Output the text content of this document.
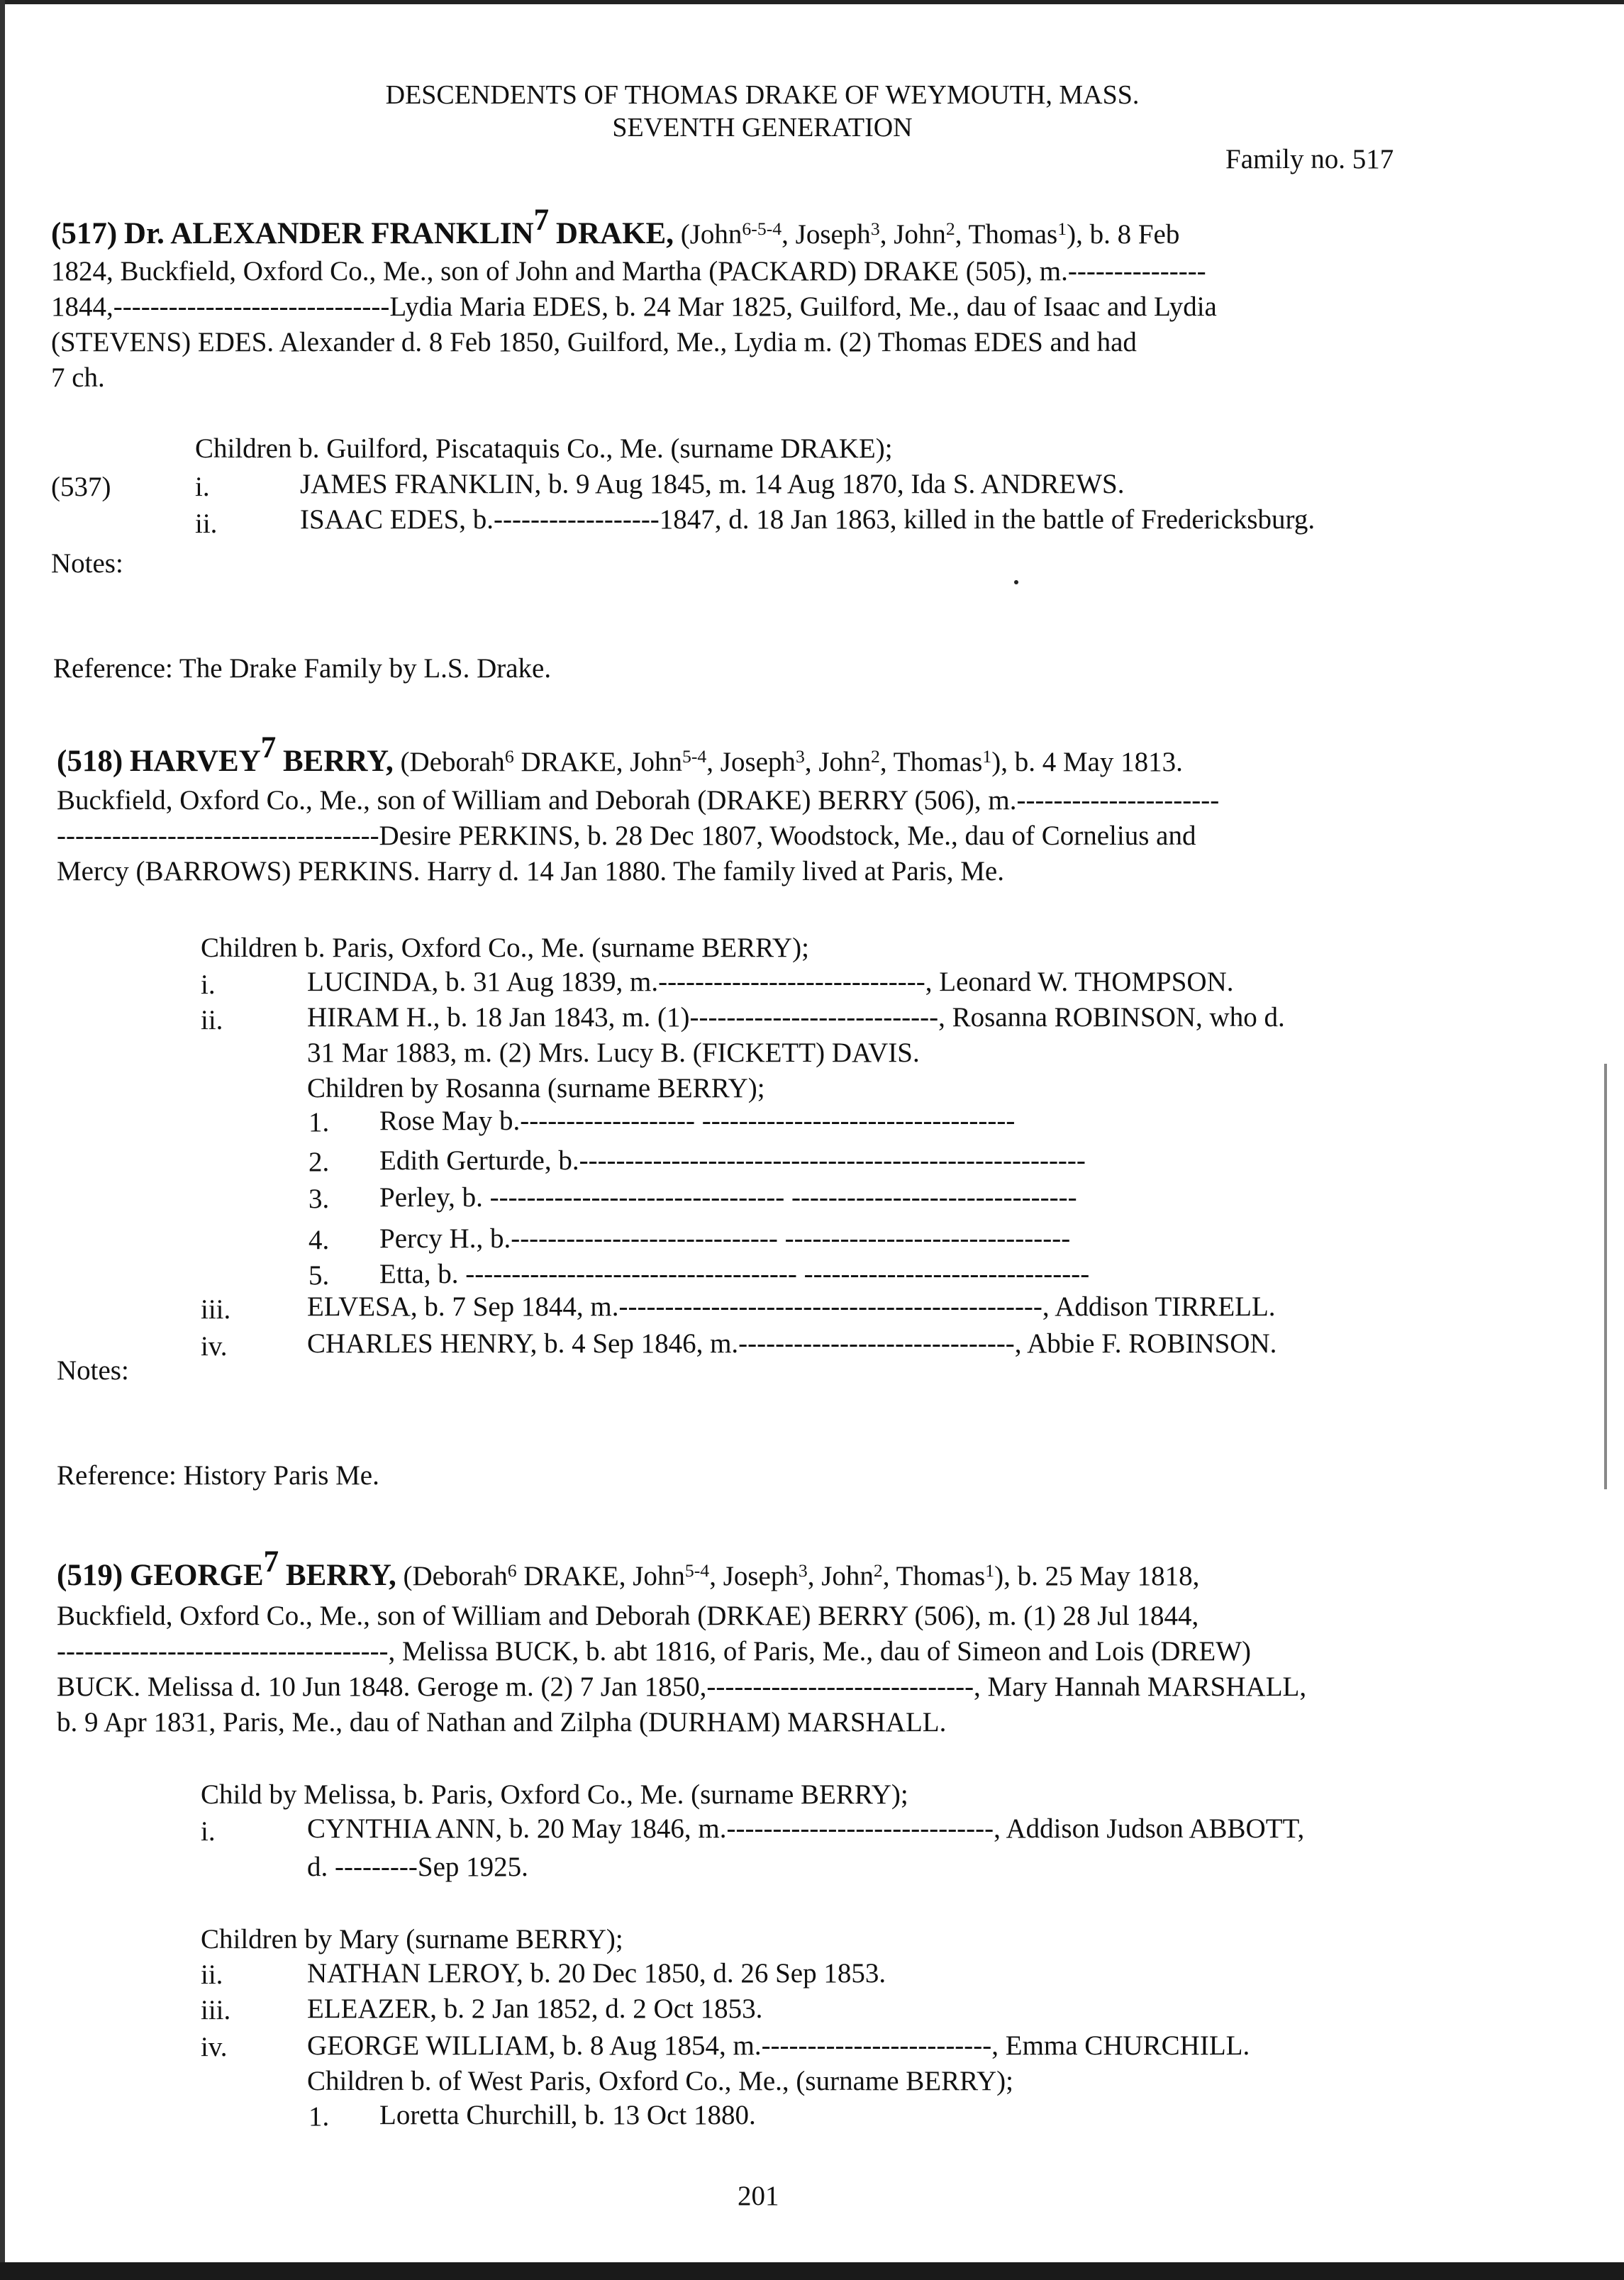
DESCENDENTS OF THOMAS DRAKE OF WEYMOUTH, MASS.
SEVENTH GENERATION
Family no. 517
(517) Dr. ALEXANDER FRANKLIN$^7$ DRAKE, (John$^{6-5-4}$, Joseph$^3$, John$^2$, Thomas$^1$), b. 8 Feb
1824, Buckfield, Oxford Co., Me., son of John and Martha (PACKARD) DRAKE (505), m.---------------
1844,------------------------------Lydia Maria EDES, b. 24 Mar 1825, Guilford, Me., dau of Isaac and Lydia
(STEVENS) EDES. Alexander d. 8 Feb 1850, Guilford, Me., Lydia m. (2) Thomas EDES and had
7 ch.
Children b. Guilford, Piscataquis Co., Me. (surname DRAKE);
(537)	i.	JAMES FRANKLIN, b. 9 Aug 1845, m. 14 Aug 1870, Ida S. ANDREWS.
ii.	ISAAC EDES, b.------------------1847, d. 18 Jan 1863, killed in the battle of Fredericksburg.
Notes:
Reference: The Drake Family by L.S. Drake.
(518) HARVEY$^7$ BERRY, (Deborah$^6$ DRAKE, John$^{5-4}$, Joseph$^3$, John$^2$, Thomas$^1$), b. 4 May 1813.
Buckfield, Oxford Co., Me., son of William and Deborah (DRAKE) BERRY (506), m.----------------------
-----------------------------------Desire PERKINS, b. 28 Dec 1807, Woodstock, Me., dau of Cornelius and
Mercy (BARROWS) PERKINS. Harry d. 14 Jan 1880. The family lived at Paris, Me.
Children b. Paris, Oxford Co., Me. (surname BERRY);
i.	LUCINDA, b. 31 Aug 1839, m.-----------------------------, Leonard W. THOMPSON.
ii.	HIRAM H., b. 18 Jan 1843, m. (1)---------------------------, Rosanna ROBINSON, who d.
31 Mar 1883, m. (2) Mrs. Lucy B. (FICKETT) DAVIS.
Children by Rosanna (surname BERRY);
1. Rose May b.------------------- ----------------------------------
2. Edith Gerturde, b.-------------------------------------------------------
3. Perley, b. -------------------------------- -------------------------------
4. Percy H., b.----------------------------- -------------------------------
5. Etta, b. ------------------------------------ -------------------------------
iii.	ELVESA, b. 7 Sep 1844, m.----------------------------------------------, Addison TIRRELL.
iv.	CHARLES HENRY, b. 4 Sep 1846, m.------------------------------, Abbie F. ROBINSON.
Notes:
Reference: History Paris Me.
(519) GEORGE$^7$ BERRY, (Deborah$^6$ DRAKE, John$^{5-4}$, Joseph$^3$, John$^2$, Thomas$^1$), b. 25 May 1818,
Buckfield, Oxford Co., Me., son of William and Deborah (DRKAE) BERRY (506), m. (1) 28 Jul 1844,
------------------------------------, Melissa BUCK, b. abt 1816, of Paris, Me., dau of Simeon and Lois (DREW)
BUCK. Melissa d. 10 Jun 1848. Geroge m. (2) 7 Jan 1850,-----------------------------, Mary Hannah MARSHALL,
b. 9 Apr 1831, Paris, Me., dau of Nathan and Zilpha (DURHAM) MARSHALL.
Child by Melissa, b. Paris, Oxford Co., Me. (surname BERRY);
i.	CYNTHIA ANN, b. 20 May 1846, m.-----------------------------, Addison Judson ABBOTT,
d. ---------Sep 1925.
Children by Mary (surname BERRY);
ii.	NATHAN LEROY, b. 20 Dec 1850, d. 26 Sep 1853.
iii.	ELEAZER, b. 2 Jan 1852, d. 2 Oct 1853.
iv.	GEORGE WILLIAM, b. 8 Aug 1854, m.-------------------------, Emma CHURCHILL.
Children b. of West Paris, Oxford Co., Me., (surname BERRY);
1. Loretta Churchill, b. 13 Oct 1880.
201
